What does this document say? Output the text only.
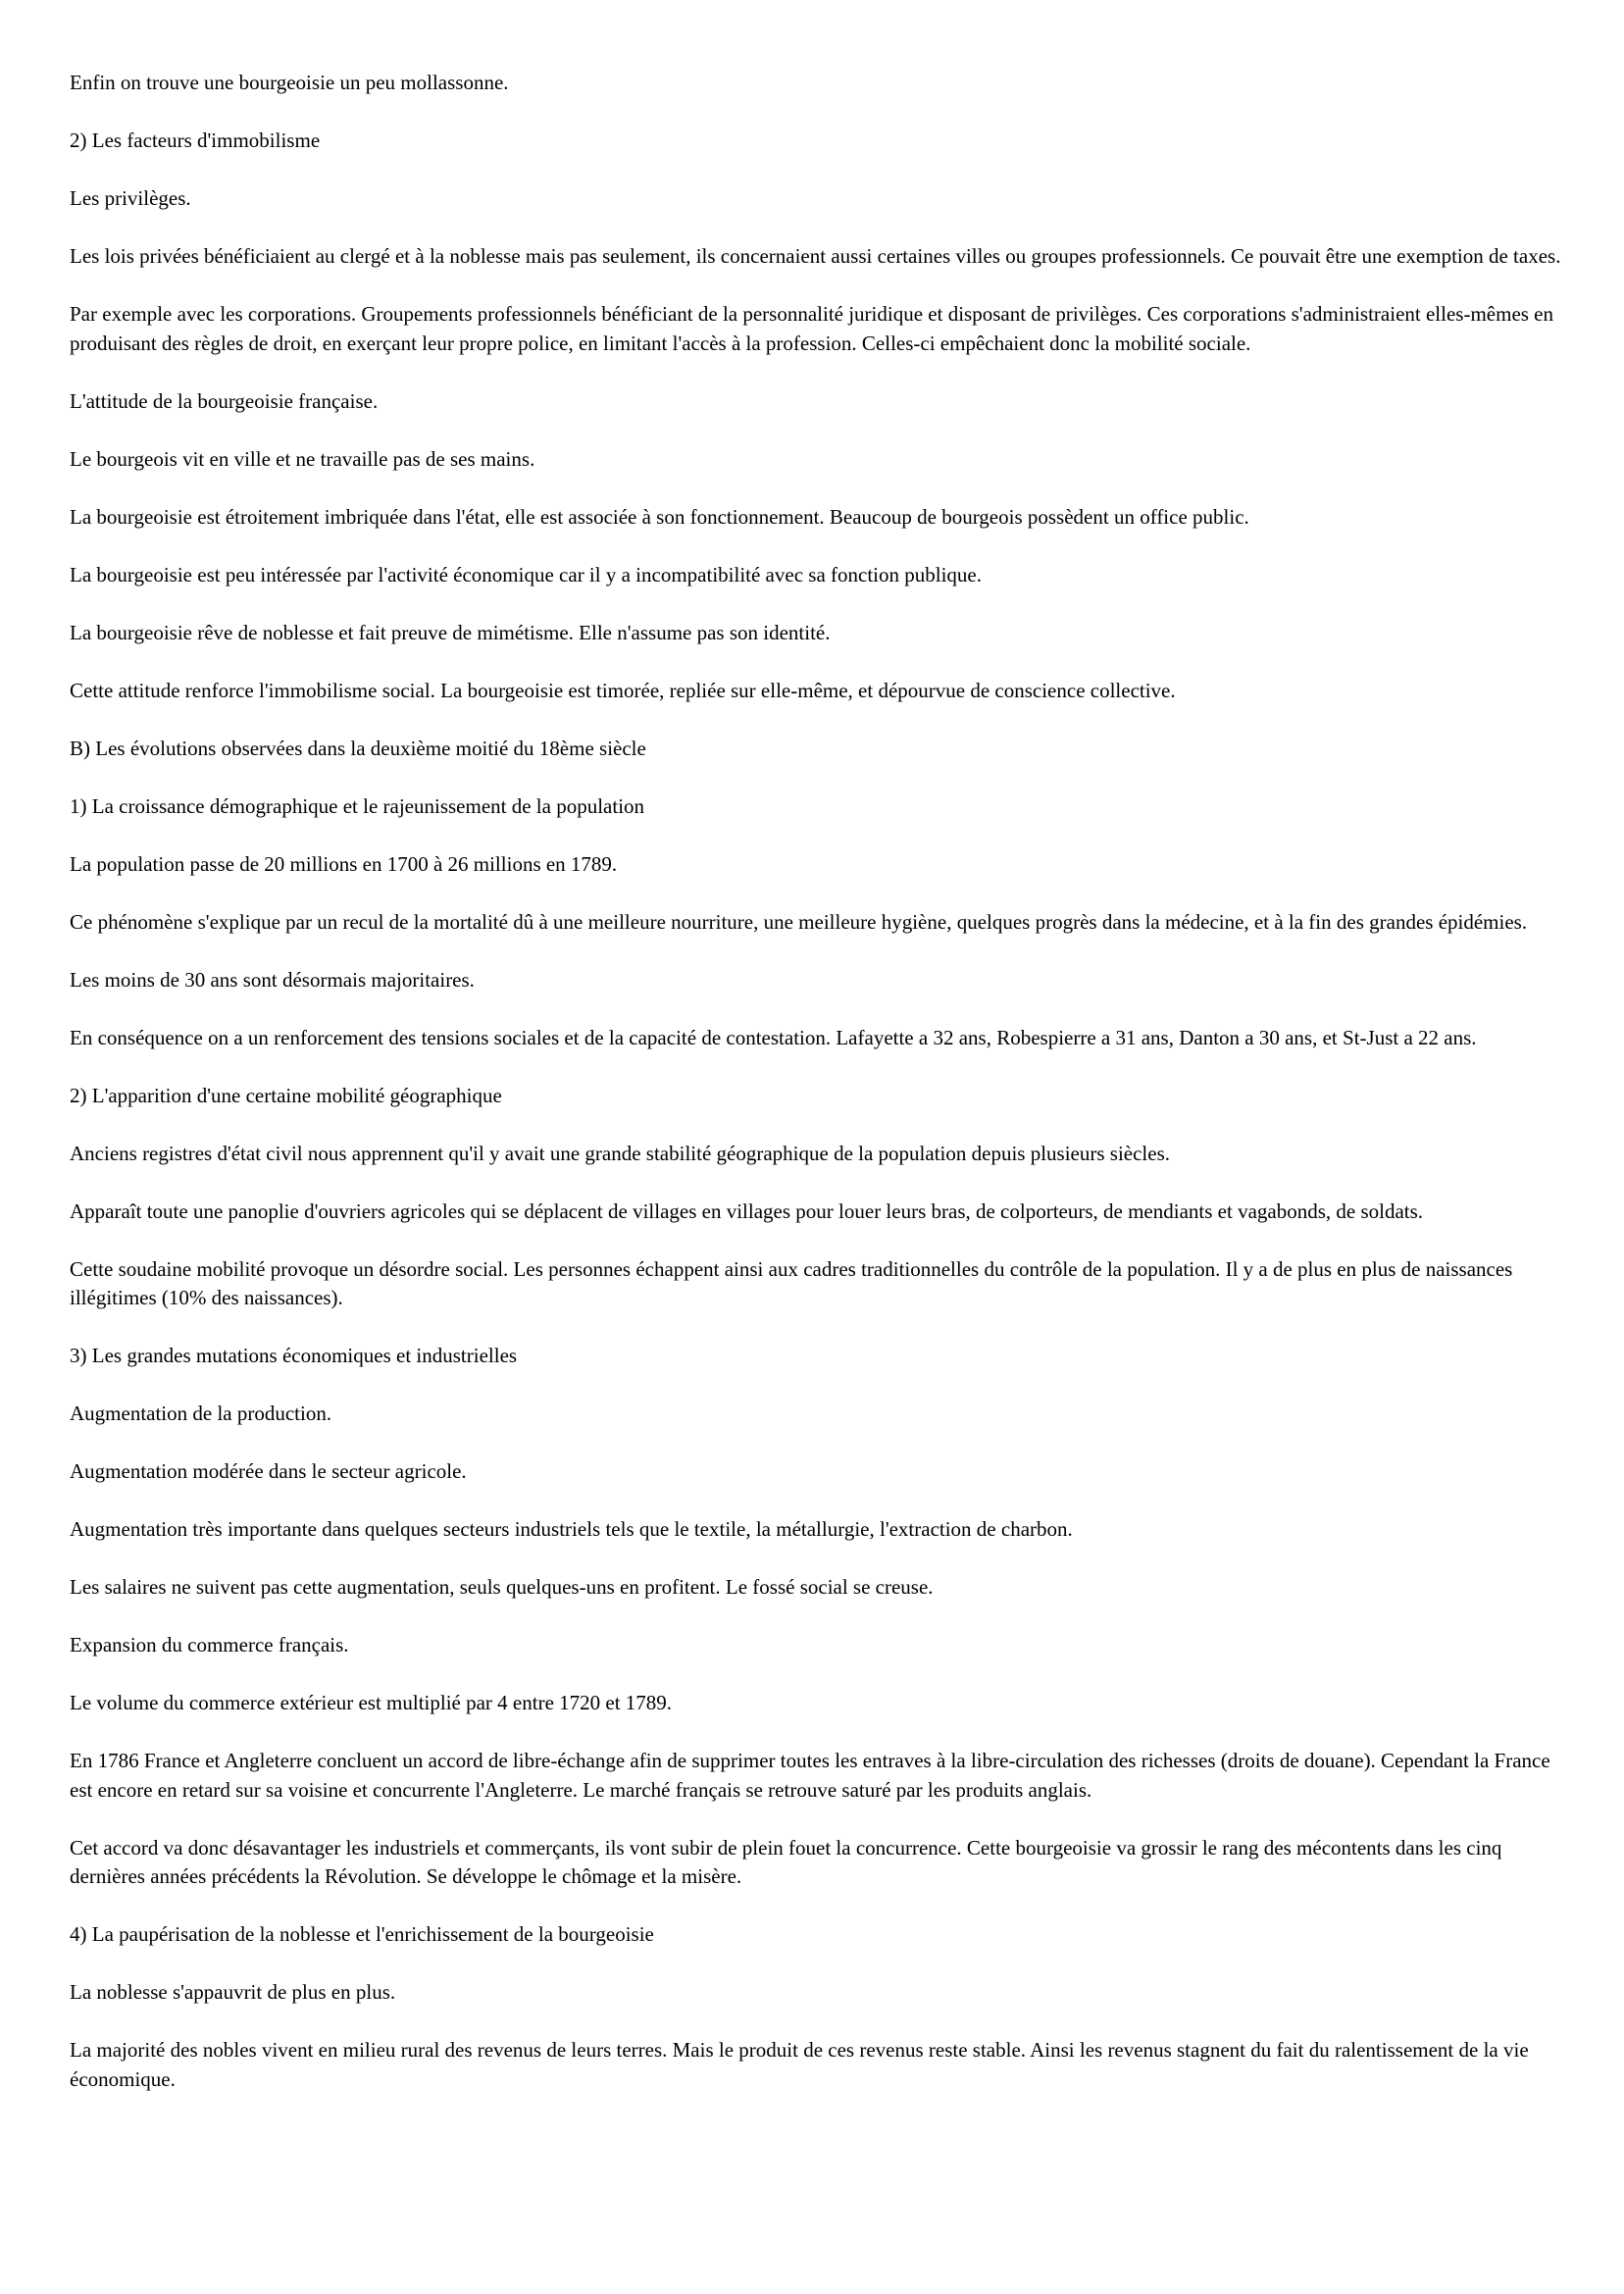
Enfin on trouve une bourgeoisie un peu mollassonne.

2) Les facteurs d'immobilisme

Les privilèges.

Les lois privées bénéficiaient au clergé et à la noblesse mais pas seulement, ils concernaient aussi certaines villes ou groupes professionnels. Ce pouvait être une exemption de taxes.

Par exemple avec les corporations. Groupements professionnels bénéficiant de la personnalité juridique et disposant de privilèges. Ces corporations s'administraient elles-mêmes en produisant des règles de droit, en exerçant leur propre police, en limitant l'accès à la profession. Celles-ci empêchaient donc la mobilité sociale.

L'attitude de la bourgeoisie française.

Le bourgeois vit en ville et ne travaille pas de ses mains.

La bourgeoisie est étroitement imbriquée dans l'état, elle est associée à son fonctionnement. Beaucoup de bourgeois possèdent un office public.

La bourgeoisie est peu intéressée par l'activité économique car il y a incompatibilité avec sa fonction publique.

La bourgeoisie rêve de noblesse et fait preuve de mimétisme. Elle n'assume pas son identité.

Cette attitude renforce l'immobilisme social. La bourgeoisie est timorée, repliée sur elle-même, et dépourvue de conscience collective.

B) Les évolutions observées dans la deuxième moitié du 18ème siècle

1) La croissance démographique et le rajeunissement de la population

La population passe de 20 millions en 1700 à 26 millions en 1789.

Ce phénomène s'explique par un recul de la mortalité dû à une meilleure nourriture, une meilleure hygiène, quelques progrès dans la médecine, et à la fin des grandes épidémies.

Les moins de 30 ans sont désormais majoritaires.

En conséquence on a un renforcement des tensions sociales et de la capacité de contestation. Lafayette a 32 ans, Robespierre a 31 ans, Danton a 30 ans, et St-Just a 22 ans.

2) L'apparition d'une certaine mobilité géographique

Anciens registres d'état civil nous apprennent qu'il y avait une grande stabilité géographique de la population depuis plusieurs siècles.

Apparaît toute une panoplie d'ouvriers agricoles qui se déplacent de villages en villages pour louer leurs bras, de colporteurs, de mendiants et vagabonds, de soldats.

Cette soudaine mobilité provoque un désordre social. Les personnes échappent ainsi aux cadres traditionnelles du contrôle de la population. Il y a de plus en plus de naissances illégitimes (10% des naissances).

3) Les grandes mutations économiques et industrielles

Augmentation de la production.

Augmentation modérée dans le secteur agricole.

Augmentation très importante dans quelques secteurs industriels tels que le textile, la métallurgie, l'extraction de charbon.

Les salaires ne suivent pas cette augmentation, seuls quelques-uns en profitent. Le fossé social se creuse.

Expansion du commerce français.

Le volume du commerce extérieur est multiplié par 4 entre 1720 et 1789.

En 1786 France et Angleterre concluent un accord de libre-échange afin de supprimer toutes les entraves à la libre-circulation des richesses (droits de douane). Cependant la France est encore en retard sur sa voisine et concurrente l'Angleterre. Le marché français se retrouve saturé par les produits anglais.

Cet accord va donc désavantager les industriels et commerçants, ils vont subir de plein fouet la concurrence. Cette bourgeoisie va grossir le rang des mécontents dans les cinq dernières années précédents la Révolution. Se développe le chômage et la misère.

4) La paupérisation de la noblesse et l'enrichissement de la bourgeoisie

La noblesse s'appauvrit de plus en plus.

La majorité des nobles vivent en milieu rural des revenus de leurs terres. Mais le produit de ces revenus reste stable. Ainsi les revenus stagnent du fait du ralentissement de la vie économique.
